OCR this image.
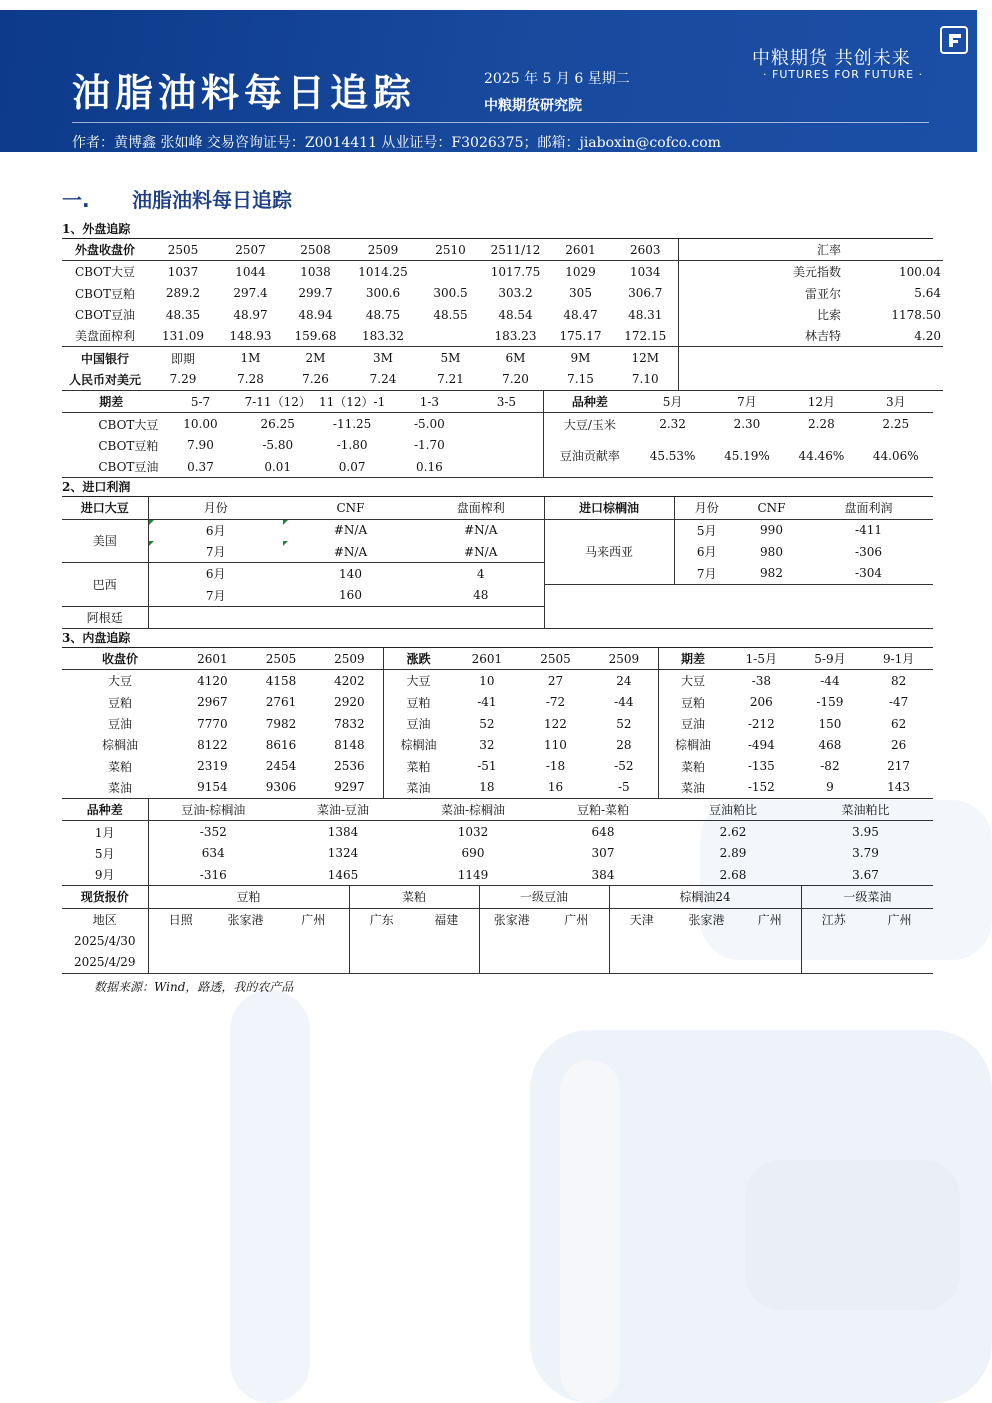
油脂油料每日追踪	2025 年 5 月 6 星期二
中粮期货研究院
中粮期货 共创未来
· FUTURES FOR FUTURE ·
作者：黄博鑫 张如峰 交易咨询证号：Z0014411 从业证号：F3026375；邮箱：jiaboxin@cofco.com
一. 油脂油料每日追踪
1、外盘追踪
外盘收盘价	2505	2507	2508	2509	2510	2511/12	2601	2603		汇率	
CBOT大豆	1037	1044	1038	1014.25		1017.75	1029	1034		美元指数	100.04
CBOT豆粕	289.2	297.4	299.7	300.6	300.5	303.2	305	306.7		雷亚尔	5.64
CBOT豆油	48.35	48.97	48.94	48.75	48.55	48.54	48.47	48.31		比索	1178.50
美盘面榨利	131.09	148.93	159.68	183.32		183.23	175.17	172.15		林吉特	4.20
中国银行	即期	1M	2M	3M	5M	6M	9M	12M			
人民币对美元	7.29	7.28	7.26	7.24	7.21	7.20	7.15	7.10			
期差	5-7	7-11（12）	11（12）-1	1-3	3-5	品种差	5月	7月	12月	3月
CBOT大豆	10.00	26.25	-11.25	-5.00		大豆/玉米	2.32	2.30	2.28	2.25
CBOT豆粕	7.90	-5.80	-1.80	-1.70		豆油贡献率	45.53%	45.19%	44.46%	44.06%
CBOT豆油	0.37	0.01	0.07	0.16						
2、进口利润
进口大豆	月份	CNF	盘面榨利	进口棕榈油	月份	CNF	盘面利润
美国	6月	#N/A	#N/A	马来西亚	5月	990	-411
	7月	#N/A	#N/A		6月	980	-306
巴西	6月	140	4		7月	982	-304
	7月	160	48				
阿根廷							
3、内盘追踪
收盘价	2601	2505	2509	涨跌	2601	2505	2509	期差	1-5月	5-9月	9-1月
大豆	4120	4158	4202	大豆	10	27	24	大豆	-38	-44	82
豆粕	2967	2761	2920	豆粕	-41	-72	-44	豆粕	206	-159	-47
豆油	7770	7982	7832	豆油	52	122	52	豆油	-212	150	62
棕榈油	8122	8616	8148	棕榈油	32	110	28	棕榈油	-494	468	26
菜粕	2319	2454	2536	菜粕	-51	-18	-52	菜粕	-135	-82	217
菜油	9154	9306	9297	菜油	18	16	-5	菜油	-152	9	143
品种差	豆油-棕榈油	菜油-豆油	菜油-棕榈油	豆粕-菜粕	豆油粕比	菜油粕比
1月	-352	1384	1032	648	2.62	3.95
5月	634	1324	690	307	2.89	3.79
9月	-316	1465	1149	384	2.68	3.67
现货报价	豆粕			菜粕		一级豆油		棕榈油24			一级菜油	
地区	日照	张家港	广州	广东	福建	张家港	广州	天津	张家港	广州	江苏	广州
2025/4/30												
2025/4/29												
数据来源：Wind，路透，我的农产品
